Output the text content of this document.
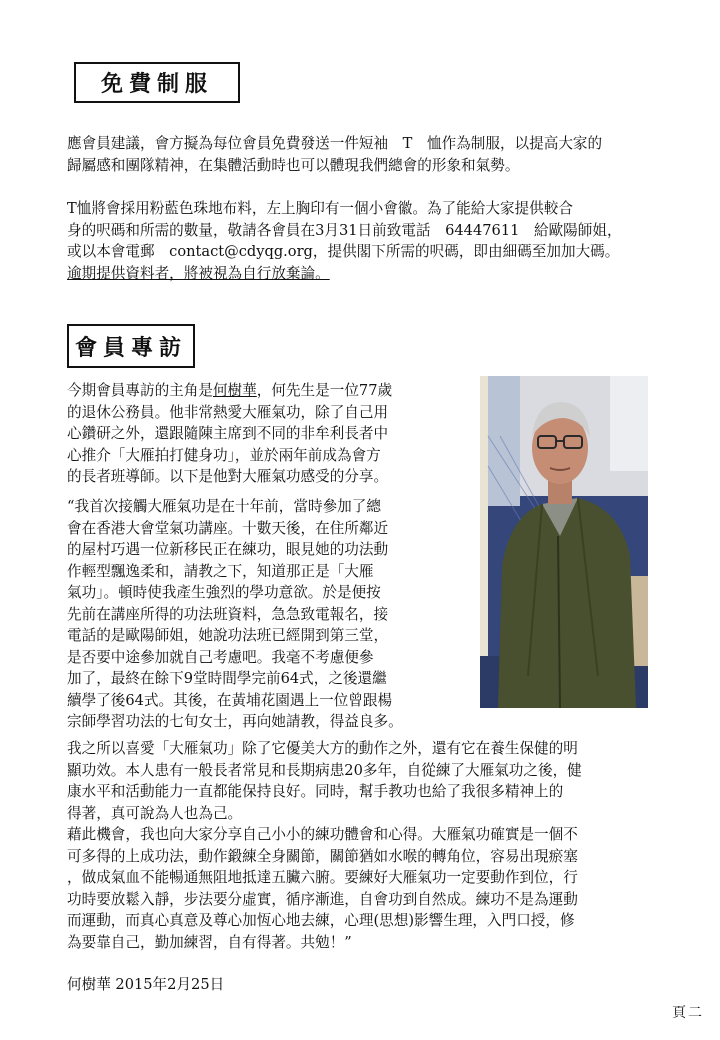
免費制服

應會員建議，會方擬為每位會員免費發送一件短袖　T　恤作為制服，以提高大家的
歸屬感和團隊精神，在集體活動時也可以體現我們總會的形象和氣勢。

T恤將會採用粉藍色珠地布料，左上胸印有一個小會徽。為了能給大家提供較合
身的呎碼和所需的數量，敬請各會員在3月31日前致電話　64447611　給歐陽師姐，
或以本會電郵　contact@cdyqg.org，提供閣下所需的呎碼，即由細碼至加加大碼。
逾期提供資料者，將被視為自行放棄論。

會員專訪

今期會員專訪的主角是何樹華，何先生是一位77歲
的退休公務員。他非常熱愛大雁氣功，除了自己用
心鑽研之外，還跟隨陳主席到不同的非牟利長者中
心推介「大雁拍打健身功」，並於兩年前成為會方
的長者班導師。以下是他對大雁氣功感受的分享。

“我首次接觸大雁氣功是在十年前，當時參加了總
會在香港大會堂氣功講座。十數天後，在住所鄰近
的屋村巧遇一位新移民正在練功，眼見她的功法動
作輕型飄逸柔和，請教之下，知道那正是「大雁
氣功」。頓時使我產生強烈的學功意欲。於是便按
先前在講座所得的功法班資料，急急致電報名，接
電話的是歐陽師姐，她說功法班已經開到第三堂，
是否要中途參加就自己考慮吧。我毫不考慮便參
加了，最終在餘下9堂時間學完前64式，之後還繼
續學了後64式。其後，在黃埔花園遇上一位曾跟楊
宗師學習功法的七旬女士，再向她請教，得益良多。

我之所以喜愛「大雁氣功」除了它優美大方的動作之外，還有它在養生保健的明
顯功效。本人患有一般長者常見和長期病患20多年，自從練了大雁氣功之後，健
康水平和活動能力一直都能保持良好。同時，幫手教功也給了我很多精神上的
得著，真可說為人也為己。

藉此機會，我也向大家分享自己小小的練功體會和心得。大雁氣功確實是一個不
可多得的上成功法，動作鍛練全身關節，關節猶如水喉的轉角位，容易出現瘀塞
，做成氣血不能暢通無阻地抵達五臟六腑。要練好大雁氣功一定要動作到位，行
功時要放鬆入靜，步法要分虛實，循序漸進，自會功到自然成。練功不是為運動
而運動，而真心真意及尊心加恆心地去練，心理(思想)影響生理，入門口授，修
為要靠自己，勤加練習，自有得著。共勉！”

何樹華 2015年2月25日

頁二
